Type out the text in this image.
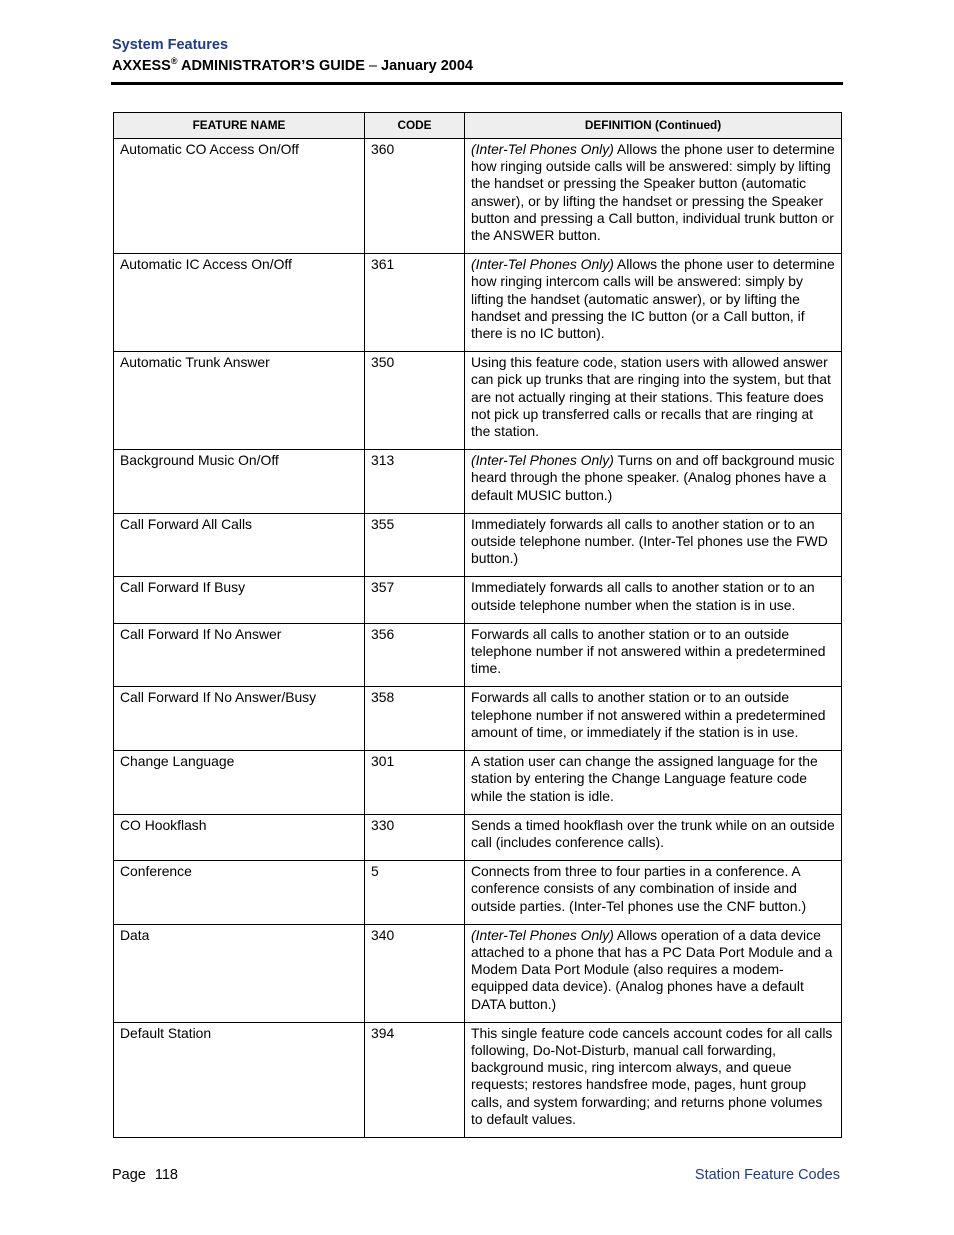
System Features
AXXESS® ADMINISTRATOR’S GUIDE – January 2004
FEATURE NAME	CODE	DEFINITION (Continued)
Automatic CO Access On/Off	360	(Inter-Tel Phones Only) Allows the phone user to determine how ringing outside calls will be answered: simply by lifting the handset or pressing the Speaker button (automatic answer), or by lifting the handset or pressing the Speaker button and pressing a Call button, individual trunk button or the ANSWER button.
Automatic IC Access On/Off	361	(Inter-Tel Phones Only) Allows the phone user to determine how ringing intercom calls will be answered: simply by lifting the handset (automatic answer), or by lifting the handset and pressing the IC button (or a Call button, if there is no IC button).
Automatic Trunk Answer	350	Using this feature code, station users with allowed answer can pick up trunks that are ringing into the system, but that are not actually ringing at their stations. This feature does not pick up transferred calls or recalls that are ringing at the station.
Background Music On/Off	313	(Inter-Tel Phones Only) Turns on and off background music heard through the phone speaker. (Analog phones have a default MUSIC button.)
Call Forward All Calls	355	Immediately forwards all calls to another station or to an outside telephone number. (Inter-Tel phones use the FWD button.)
Call Forward If Busy	357	Immediately forwards all calls to another station or to an outside telephone number when the station is in use.
Call Forward If No Answer	356	Forwards all calls to another station or to an outside telephone number if not answered within a predetermined time.
Call Forward If No Answer/Busy	358	Forwards all calls to another station or to an outside telephone number if not answered within a predetermined amount of time, or immediately if the station is in use.
Change Language	301	A station user can change the assigned language for the station by entering the Change Language feature code while the station is idle.
CO Hookflash	330	Sends a timed hookflash over the trunk while on an outside call (includes conference calls).
Conference	5	Connects from three to four parties in a conference. A conference consists of any combination of inside and outside parties. (Inter-Tel phones use the CNF button.)
Data	340	(Inter-Tel Phones Only) Allows operation of a data device attached to a phone that has a PC Data Port Module and a Modem Data Port Module (also requires a modem-equipped data device). (Analog phones have a default DATA button.)
Default Station	394	This single feature code cancels account codes for all calls following, Do-Not-Disturb, manual call forwarding, background music, ring intercom always, and queue requests; restores handsfree mode, pages, hunt group calls, and system forwarding; and returns phone volumes to default values.
Page 118	Station Feature Codes
